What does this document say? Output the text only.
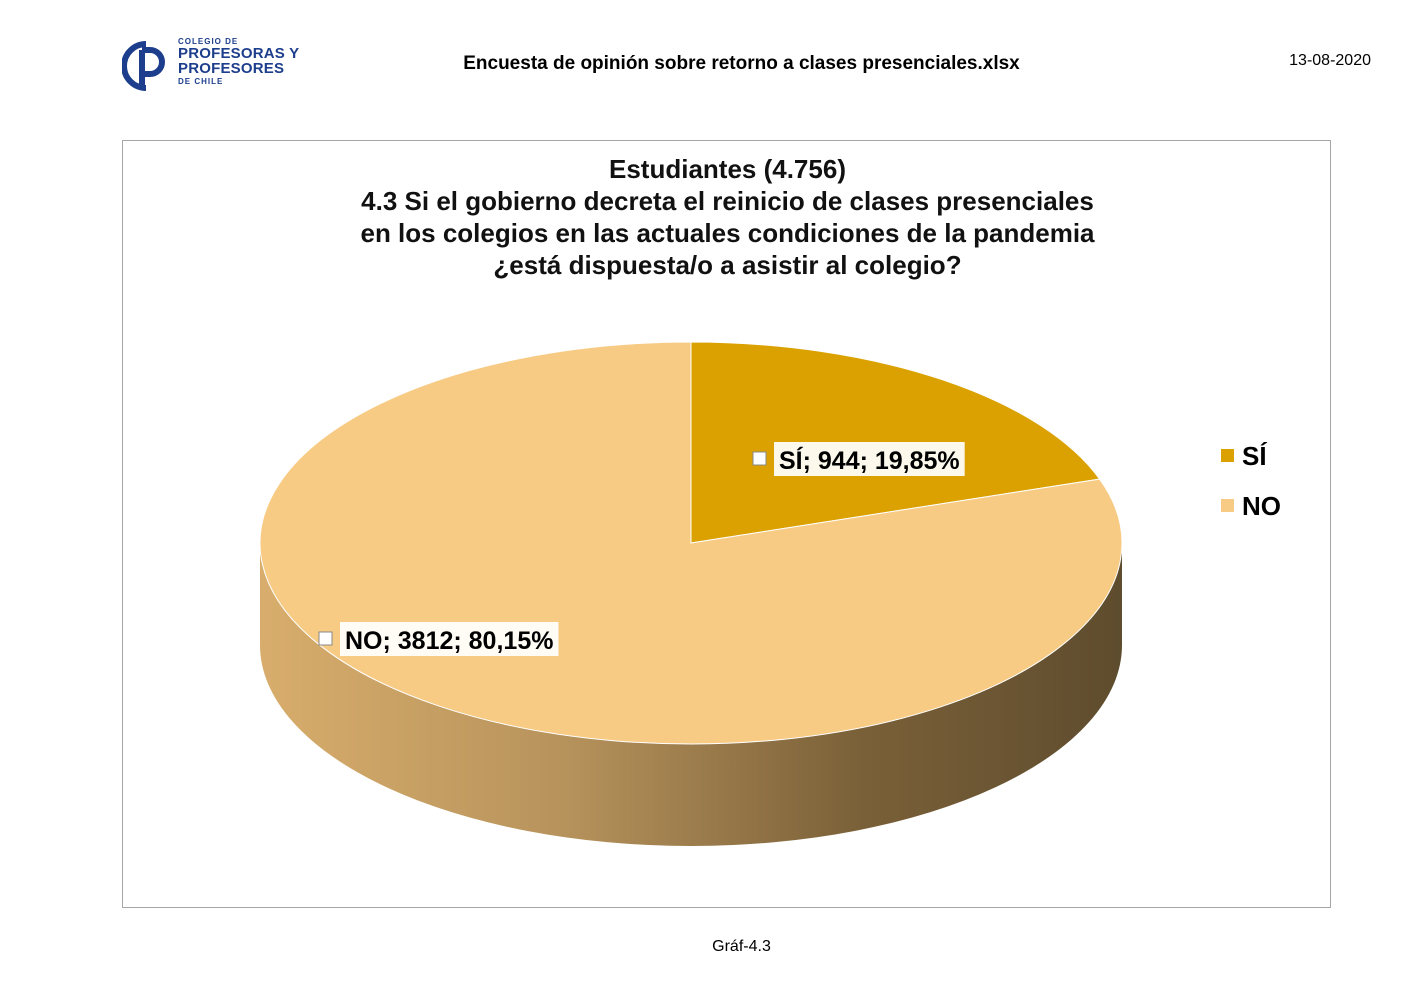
COLEGIO DE
PROFESORAS Y
PROFESORES
DE CHILE
Encuesta de opinión sobre retorno a clases presenciales.xlsx	13-08-2020
Estudiantes (4.756)
4.3 Si el gobierno decreta el reinicio de clases presenciales
en los colegios en las actuales condiciones de la pandemia
¿está dispuesta/o a asistir al colegio?
SÍ; 944; 19,85%
NO; 3812; 80,15%
SÍ
NO
Gráf-4.3
